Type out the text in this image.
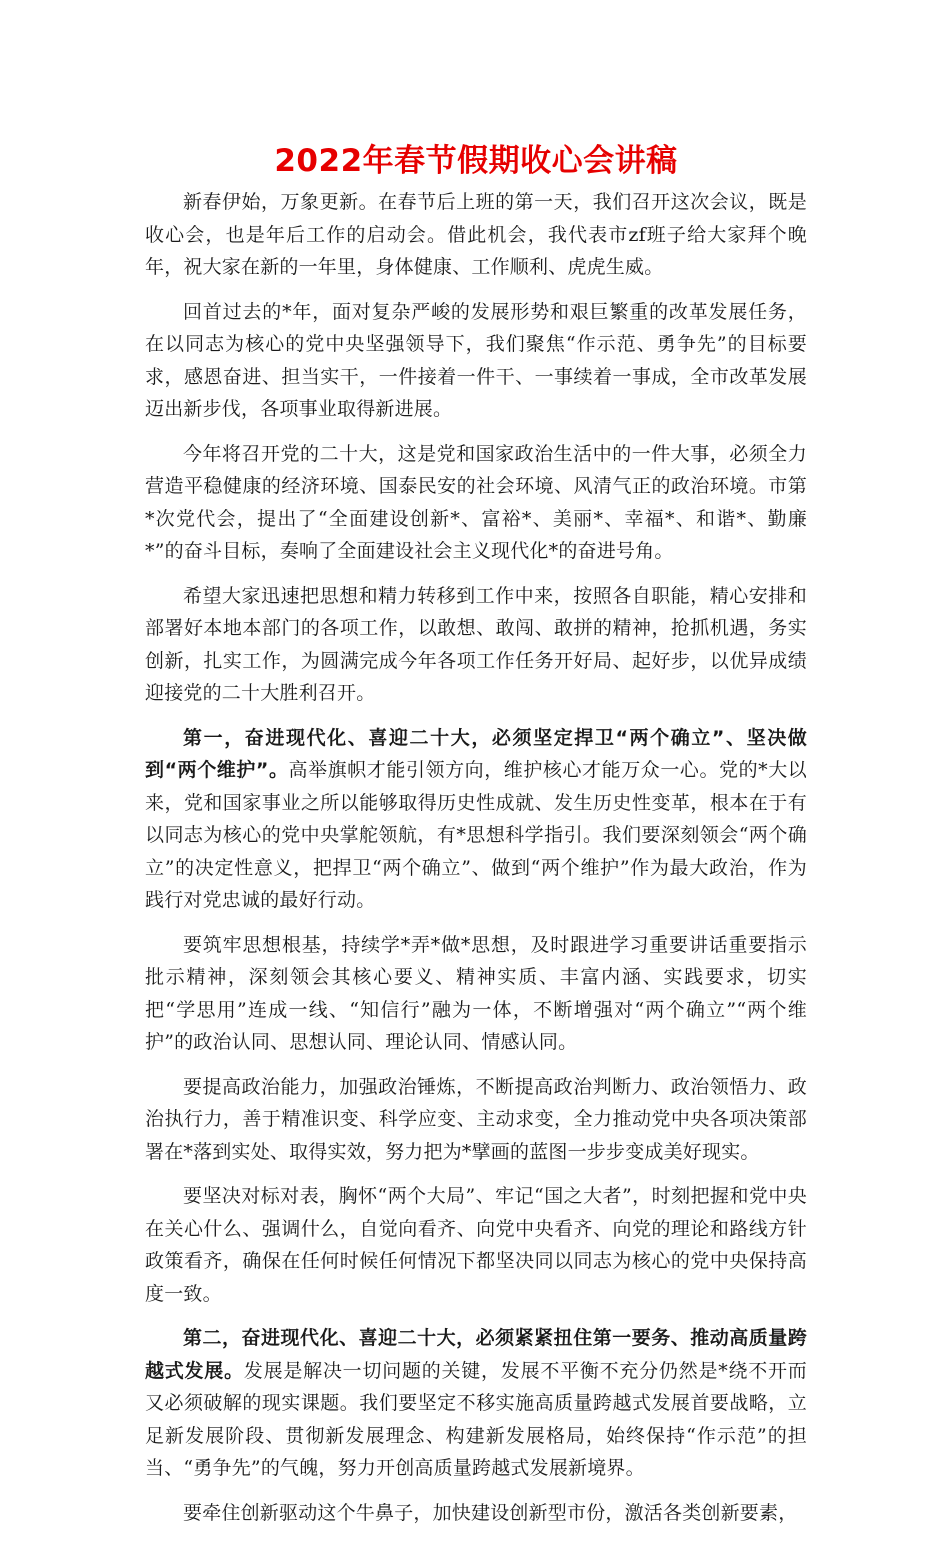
2022年春节假期收心会讲稿

新春伊始，万象更新。在春节后上班的第一天，我们召开这次会议，既是收心会，也是年后工作的启动会。借此机会，我代表市zf班子给大家拜个晚年，祝大家在新的一年里，身体健康、工作顺利、虎虎生威。

回首过去的*年，面对复杂严峻的发展形势和艰巨繁重的改革发展任务，在以同志为核心的党中央坚强领导下，我们聚焦“作示范、勇争先”的目标要求，感恩奋进、担当实干，一件接着一件干、一事续着一事成，全市改革发展迈出新步伐，各项事业取得新进展。

今年将召开党的二十大，这是党和国家政治生活中的一件大事，必须全力营造平稳健康的经济环境、国泰民安的社会环境、风清气正的政治环境。市第*次党代会，提出了“全面建设创新*、富裕*、美丽*、幸福*、和谐*、勤廉*”的奋斗目标，奏响了全面建设社会主义现代化*的奋进号角。

希望大家迅速把思想和精力转移到工作中来，按照各自职能，精心安排和部署好本地本部门的各项工作，以敢想、敢闯、敢拼的精神，抢抓机遇，务实创新，扎实工作，为圆满完成今年各项工作任务开好局、起好步，以优异成绩迎接党的二十大胜利召开。

第一，奋进现代化、喜迎二十大，必须坚定捍卫“两个确立”、坚决做到“两个维护”。高举旗帜才能引领方向，维护核心才能万众一心。党的*大以来，党和国家事业之所以能够取得历史性成就、发生历史性变革，根本在于有以同志为核心的党中央掌舵领航，有*思想科学指引。我们要深刻领会“两个确立”的决定性意义，把捍卫“两个确立”、做到“两个维护”作为最大政治，作为践行对党忠诚的最好行动。

要筑牢思想根基，持续学*弄*做*思想，及时跟进学习重要讲话重要指示批示精神，深刻领会其核心要义、精神实质、丰富内涵、实践要求，切实把“学思用”连成一线、“知信行”融为一体，不断增强对“两个确立”“两个维护”的政治认同、思想认同、理论认同、情感认同。

要提高政治能力，加强政治锤炼，不断提高政治判断力、政治领悟力、政治执行力，善于精准识变、科学应变、主动求变，全力推动党中央各项决策部署在*落到实处、取得实效，努力把为*擘画的蓝图一步步变成美好现实。

要坚决对标对表，胸怀“两个大局”、牢记“国之大者”，时刻把握和党中央在关心什么、强调什么，自觉向看齐、向党中央看齐、向党的理论和路线方针政策看齐，确保在任何时候任何情况下都坚决同以同志为核心的党中央保持高度一致。

第二，奋进现代化、喜迎二十大，必须紧紧扭住第一要务、推动高质量跨越式发展。发展是解决一切问题的关键，发展不平衡不充分仍然是*绕不开而又必须破解的现实课题。我们要坚定不移实施高质量跨越式发展首要战略，立足新发展阶段、贯彻新发展理念、构建新发展格局，始终保持“作示范”的担当、“勇争先”的气魄，努力开创高质量跨越式发展新境界。

要牵住创新驱动这个牛鼻子，加快建设创新型市份，激活各类创新要素，
